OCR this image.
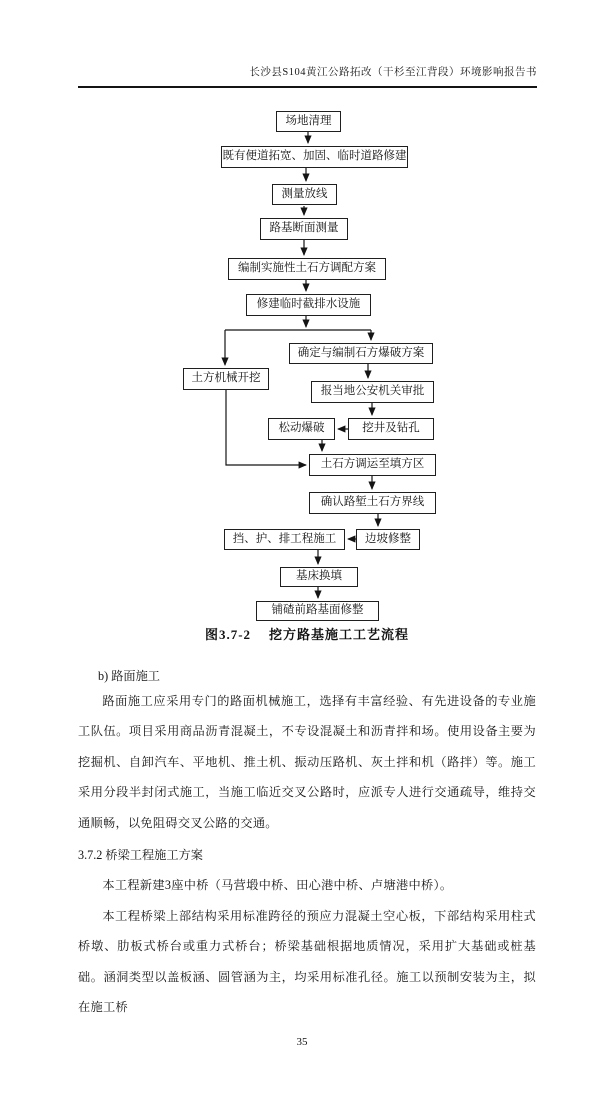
长沙县S104黄江公路拓改（干杉至江背段）环境影响报告书
场地清理
既有便道拓宽、加固、临时道路修建
测量放线
路基断面测量
编制实施性土石方调配方案
修建临时截排水设施
确定与编制石方爆破方案
土方机械开挖
报当地公安机关审批
松动爆破	挖井及钻孔
土石方调运至填方区
确认路堑土石方界线
挡、护、排工程施工	边坡修整
基床换填
铺碴前路基面修整
图3.7-2 挖方路基施工工艺流程
b) 路面施工
路面施工应采用专门的路面机械施工，选择有丰富经验、有先进设备的专业施工队伍。项目采用商品沥青混凝土，不专设混凝土和沥青拌和场。使用设备主要为挖掘机、自卸汽车、平地机、推土机、振动压路机、灰土拌和机（路拌）等。施工采用分段半封闭式施工，当施工临近交叉公路时，应派专人进行交通疏导，维持交通顺畅，以免阻碍交叉公路的交通。
3.7.2 桥梁工程施工方案
本工程新建3座中桥（马营塅中桥、田心港中桥、卢塘港中桥）。
本工程桥梁上部结构采用标准跨径的预应力混凝土空心板，下部结构采用柱式桥墩、肋板式桥台或重力式桥台；桥梁基础根据地质情况，采用扩大基础或桩基础。涵洞类型以盖板涵、圆管涵为主，均采用标准孔径。施工以预制安装为主，拟在施工桥
35
